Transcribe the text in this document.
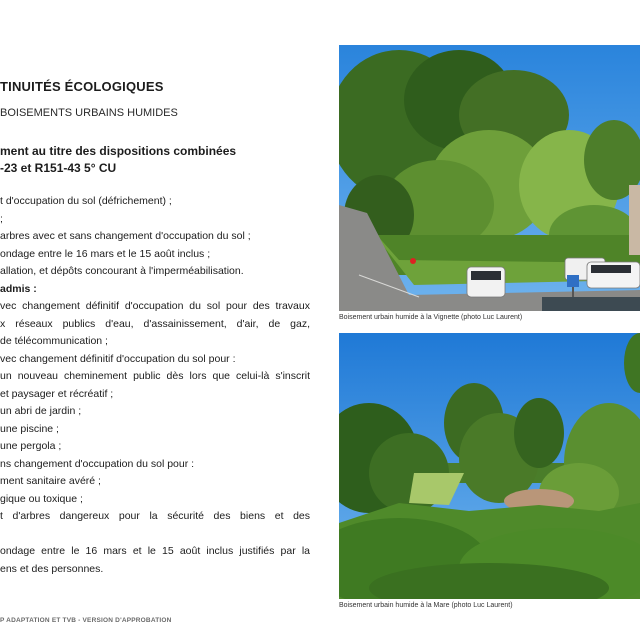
TINUITÉS ÉCOLOGIQUES
BOISEMENTS URBAINS HUMIDES
ment au titre des dispositions combinées
-23 et R151-43 5° CU

t d'occupation du sol (défrichement) ;

;

arbres avec et sans changement d'occupation du sol ;

ondage entre le 16 mars et le 15 août inclus ;

allation, et dépôts concourant à l'imperméabilisation.

admis :

vec changement définitif d'occupation du sol pour des travaux

x réseaux publics d'eau, d'assainissement, d'air, de gaz,

de télécommunication ;

vec changement définitif d'occupation du sol pour :

un nouveau cheminement public dès lors que celui-là s'inscrit

et paysager et récréatif ;

un abri de jardin ;

une piscine ;

une pergola ;

ns changement d'occupation du sol pour :

ment sanitaire avéré ;

gique ou toxique ;

t d'arbres dangereux pour la sécurité des biens et des

ondage entre le 16 mars et le 15 août inclus justifiés par la

ens et des personnes.

Boisement urbain humide à la Vignette (photo Luc Laurent)
Boisement urbain humide à la Mare (photo Luc Laurent)
P ADAPTATION ET TVB - VERSION D'APPROBATION
